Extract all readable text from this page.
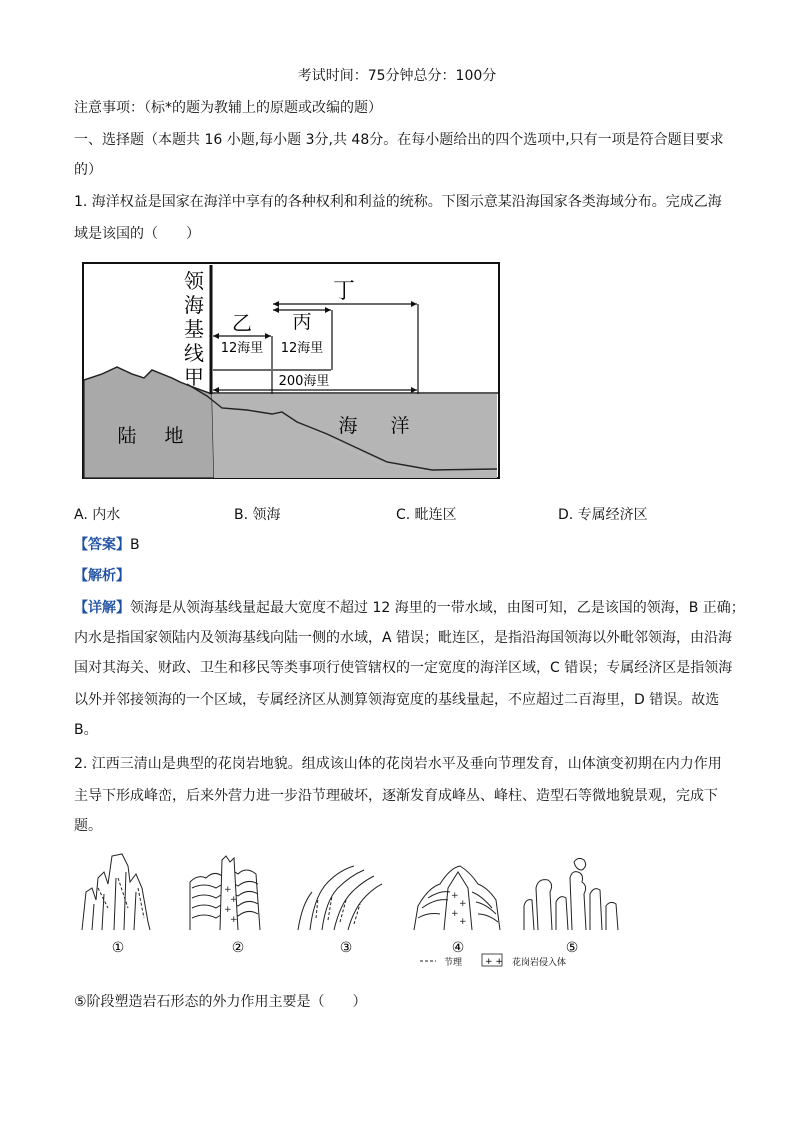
考试时间：75分钟总分：100分
注意事项：（标*的题为教辅上的原题或改编的题）
一、选择题（本题共 16 小题,每小题 3分,共 48分。在每小题给出的四个选项中,只有一项是符合题目要求
的）
1. 海洋权益是国家在海洋中享有的各种权利和利益的统称。下图示意某沿海国家各类海域分布。完成乙海
域是该国的（　　）
领
海
基
线
甲
乙 丙
丁
12海里 12海里
200海里
陆 地	海 洋
A. 内水	B. 领海	C. 毗连区	D. 专属经济区
【答案】B
【解析】
【详解】领海是从领海基线量起最大宽度不超过 12 海里的一带水域，由图可知，乙是该国的领海，B 正确；
内水是指国家领陆内及领海基线向陆一侧的水域，A 错误；毗连区，是指沿海国领海以外毗邻领海，由沿海
国对其海关、财政、卫生和移民等类事项行使管辖权的一定宽度的海洋区域，C 错误；专属经济区是指领海
以外并邻接领海的一个区域，专属经济区从测算领海宽度的基线量起，不应超过二百海里，D 错误。故选
B。
2. 江西三清山是典型的花岗岩地貌。组成该山体的花岗岩水平及垂向节理发育，山体演变初期在内力作用
主导下形成峰峦，后来外营力进一步沿节理破坏，逐渐发育成峰丛、峰柱、造型石等微地貌景观，完成下
题。
+
+
+
+
+
+
+
+
①	②	③	④	⑤
节理	+ + 花岗岩侵入体
⑤阶段塑造岩石形态的外力作用主要是（　　）
